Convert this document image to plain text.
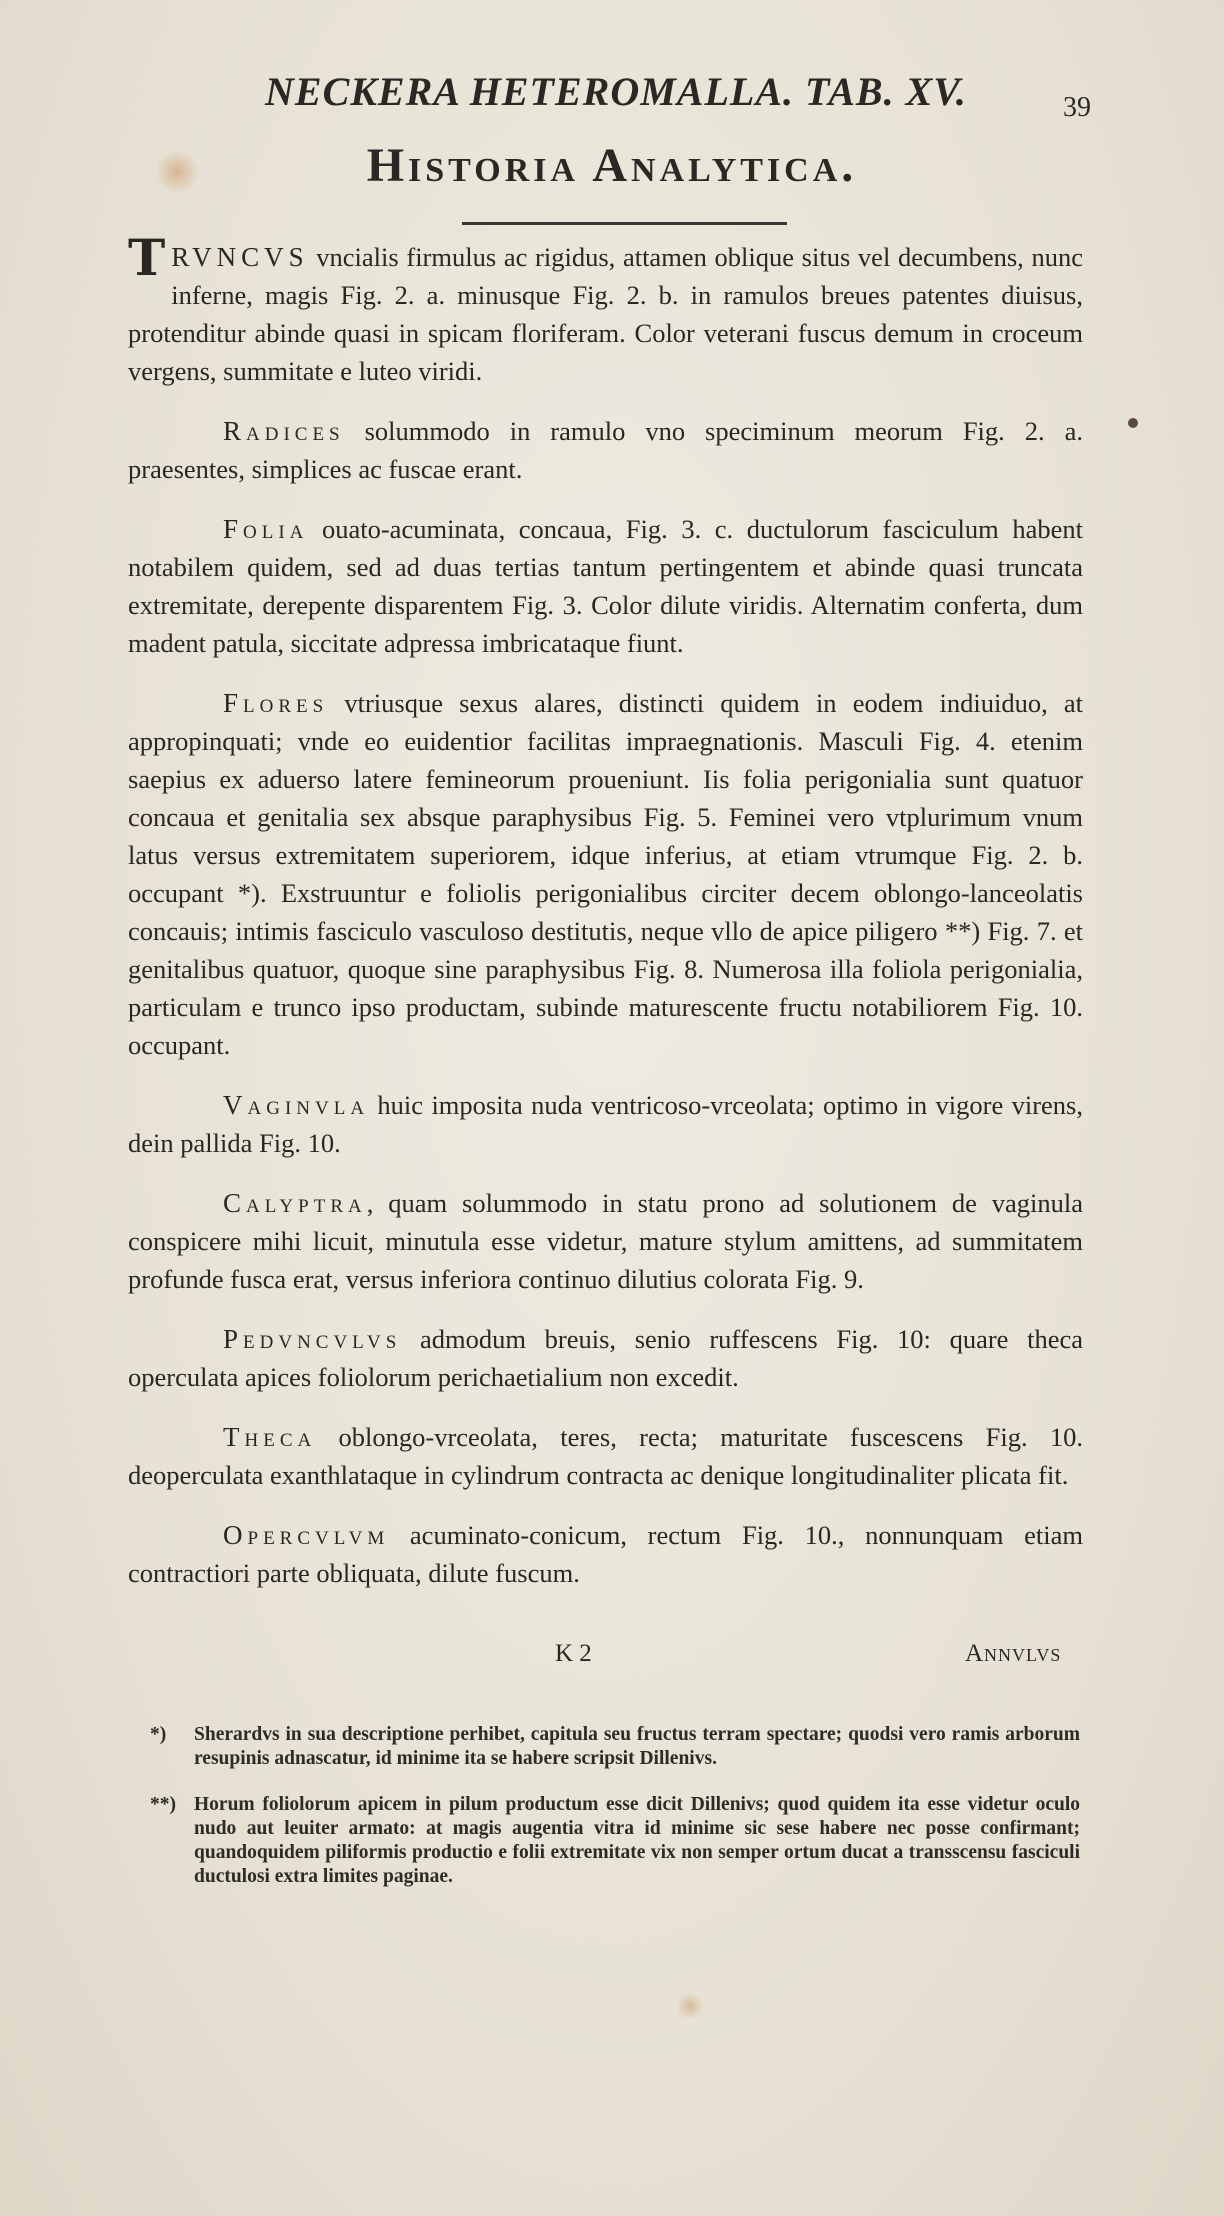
NECKERA HETEROMALLA. TAB. XV.	39
Historia Analytica.

TRVNCVS vncialis firmulus ac rigidus, attamen oblique situs vel decumbens, nunc inferne, magis Fig. 2. a. minusque Fig. 2. b. in ramulos breues patentes diuisus, protenditur abinde quasi in spicam floriferam. Color veterani fuscus demum in croceum vergens, summitate e luteo viridi.

Radices solummodo in ramulo vno speciminum meorum Fig. 2. a. praesentes, simplices ac fuscae erant.

Folia ouato-acuminata, concaua, Fig. 3. c. ductulorum fasciculum habent notabilem quidem, sed ad duas tertias tantum pertingentem et abinde quasi truncata extremitate, derepente disparentem Fig. 3. Color dilute viridis. Alternatim conferta, dum madent patula, siccitate adpressa imbricataque fiunt.

Flores vtriusque sexus alares, distincti quidem in eodem indiuiduo, at appropinquati; vnde eo euidentior facilitas impraegnationis. Masculi Fig. 4. etenim saepius ex aduerso latere femineorum proueniunt. Iis folia perigonialia sunt quatuor concaua et genitalia sex absque paraphysibus Fig. 5. Feminei vero vtplurimum vnum latus versus extremitatem superiorem, idque inferius, at etiam vtrumque Fig. 2. b. occupant *). Exstruuntur e foliolis perigonialibus circiter decem oblongo-lanceolatis concauis; intimis fasciculo vasculoso destitutis, neque vllo de apice piligero **) Fig. 7. et genitalibus quatuor, quoque sine paraphysibus Fig. 8. Numerosa illa foliola perigonialia, particulam e trunco ipso productam, subinde maturescente fructu notabiliorem Fig. 10. occupant.

Vaginvla huic imposita nuda ventricoso-vrceolata; optimo in vigore virens, dein pallida Fig. 10.

Calyptra, quam solummodo in statu prono ad solutionem de vaginula conspicere mihi licuit, minutula esse videtur, mature stylum amittens, ad summitatem profunde fusca erat, versus inferiora continuo dilutius colorata Fig. 9.

Pedvncvlvs admodum breuis, senio ruffescens Fig. 10: quare theca operculata apices foliolorum perichaetialium non excedit.

Theca oblongo-vrceolata, teres, recta; maturitate fuscescens Fig. 10. deoperculata exanthlataque in cylindrum contracta ac denique longitudinaliter plicata fit.

Opercvlvm acuminato-conicum, rectum Fig. 10., nonnunquam etiam contractiori parte obliquata, dilute fuscum.

K 2	Annvlvs

*) Sherardvs in sua descriptione perhibet, capitula seu fructus terram spectare; quodsi vero ramis arborum resupinis adnascatur, id minime ita se habere scripsit Dillenivs.

**) Horum foliolorum apicem in pilum productum esse dicit Dillenivs; quod quidem ita esse videtur oculo nudo aut leuiter armato: at magis augentia vitra id minime sic sese habere nec posse confirmant; quandoquidem piliformis productio e folii extremitate vix non semper ortum ducat a transscensu fasciculi ductulosi extra limites paginae.
